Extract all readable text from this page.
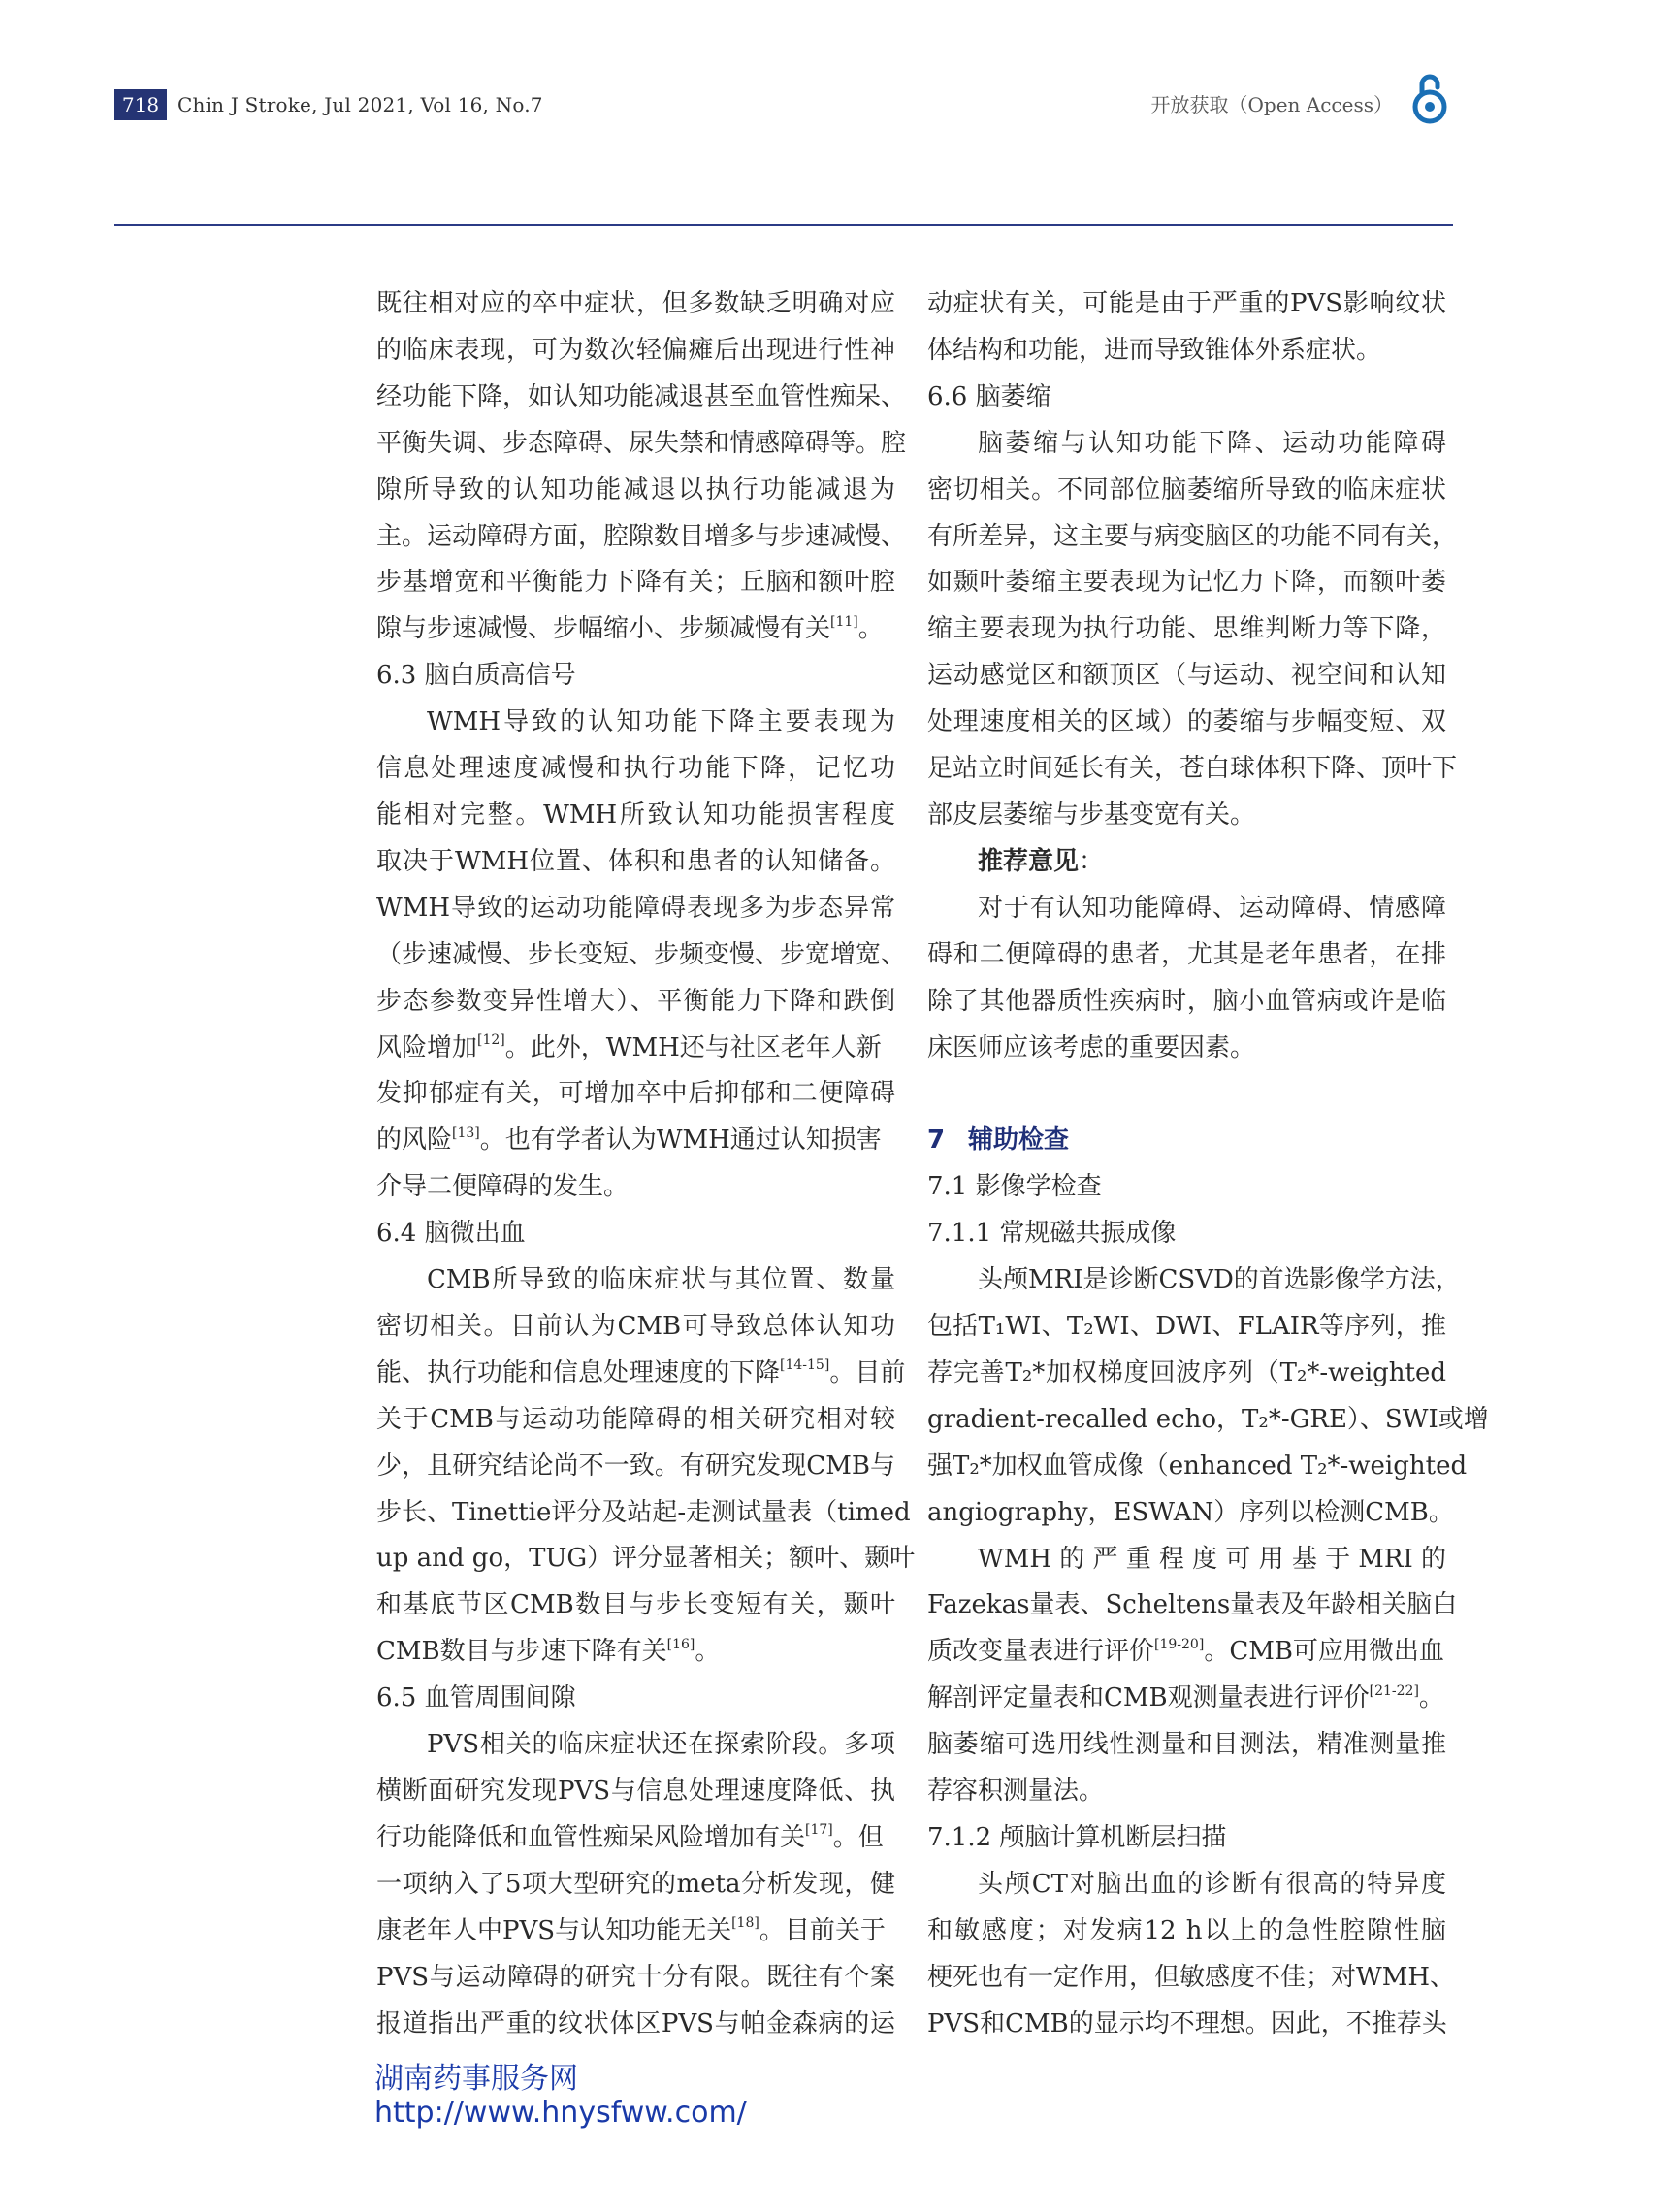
718 Chin J Stroke, Jul 2021, Vol 16, No.7	开放获取（Open Access）

既往相对应的卒中症状，但多数缺乏明确对应

的临床表现，可为数次轻偏瘫后出现进行性神

经功能下降，如认知功能减退甚至血管性痴呆、

平衡失调、步态障碍、尿失禁和情感障碍等。腔

隙所导致的认知功能减退以执行功能减退为

主。运动障碍方面，腔隙数目增多与步速减慢、

步基增宽和平衡能力下降有关；丘脑和额叶腔

隙与步速减慢、步幅缩小、步频减慢有关[11]。

6.3 脑白质高信号

WMH导致的认知功能下降主要表现为

信息处理速度减慢和执行功能下降，记忆功

能相对完整。WMH所致认知功能损害程度

取决于WMH位置、体积和患者的认知储备。

WMH导致的运动功能障碍表现多为步态异常

（步速减慢、步长变短、步频变慢、步宽增宽、

步态参数变异性增大）、平衡能力下降和跌倒

风险增加[12]。此外，WMH还与社区老年人新

发抑郁症有关，可增加卒中后抑郁和二便障碍

的风险[13]。也有学者认为WMH通过认知损害

介导二便障碍的发生。

6.4 脑微出血

CMB所导致的临床症状与其位置、数量

密切相关。目前认为CMB可导致总体认知功

能、执行功能和信息处理速度的下降[14-15]。目前

关于CMB与运动功能障碍的相关研究相对较

少，且研究结论尚不一致。有研究发现CMB与

步长、Tinettie评分及站起-走测试量表（timed

up and go，TUG）评分显著相关；额叶、颞叶

和基底节区CMB数目与步长变短有关，颞叶

CMB数目与步速下降有关[16]。

6.5 血管周围间隙

PVS相关的临床症状还在探索阶段。多项

横断面研究发现PVS与信息处理速度降低、执

行功能降低和血管性痴呆风险增加有关[17]。但

一项纳入了5项大型研究的meta分析发现，健

康老年人中PVS与认知功能无关[18]。目前关于

PVS与运动障碍的研究十分有限。既往有个案

报道指出严重的纹状体区PVS与帕金森病的运

动症状有关，可能是由于严重的PVS影响纹状

体结构和功能，进而导致锥体外系症状。

6.6 脑萎缩

脑萎缩与认知功能下降、运动功能障碍

密切相关。不同部位脑萎缩所导致的临床症状

有所差异，这主要与病变脑区的功能不同有关，

如颞叶萎缩主要表现为记忆力下降，而额叶萎

缩主要表现为执行功能、思维判断力等下降，

运动感觉区和额顶区（与运动、视空间和认知

处理速度相关的区域）的萎缩与步幅变短、双

足站立时间延长有关，苍白球体积下降、顶叶下

部皮层萎缩与步基变宽有关。

推荐意见：

对于有认知功能障碍、运动障碍、情感障

碍和二便障碍的患者，尤其是老年患者，在排

除了其他器质性疾病时，脑小血管病或许是临

床医师应该考虑的重要因素。

7 辅助检查

7.1 影像学检查

7.1.1 常规磁共振成像

头颅MRI是诊断CSVD的首选影像学方法，

包括T₁WI、T₂WI、DWI、FLAIR等序列，推

荐完善T₂*加权梯度回波序列（T₂*-weighted

gradient-recalled echo，T₂*-GRE）、SWI或增

强T₂*加权血管成像（enhanced T₂*-weighted

angiography，ESWAN）序列以检测CMB。

WMH的严重程度可用基于MRI的

Fazekas量表、Scheltens量表及年龄相关脑白

质改变量表进行评价[19-20]。CMB可应用微出血

解剖评定量表和CMB观测量表进行评价[21-22]。

脑萎缩可选用线性测量和目测法，精准测量推

荐容积测量法。

7.1.2 颅脑计算机断层扫描

头颅CT对脑出血的诊断有很高的特异度

和敏感度；对发病12 h以上的急性腔隙性脑

梗死也有一定作用，但敏感度不佳；对WMH、

PVS和CMB的显示均不理想。因此，不推荐头

湖南药事服务网
http://www.hnysfww.com/
